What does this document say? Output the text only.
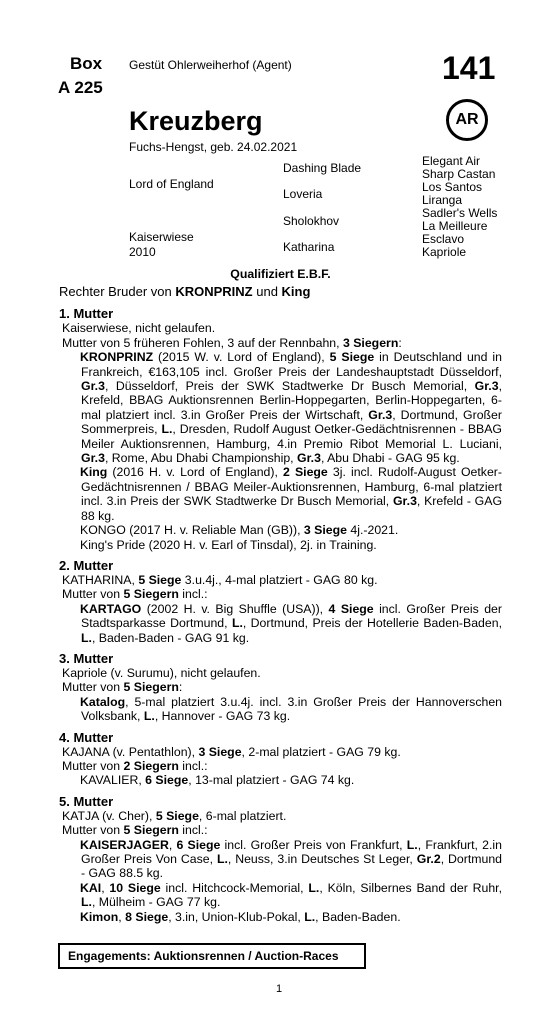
Box
A 225
Gestüt Ohlerweiherhof (Agent)	141
AR
Kreuzberg
Fuchs-Hengst, geb. 24.02.2021
Lord of England
Kaiserwiese
2010
Dashing Blade
Loveria
Sholokhov
Katharina
Elegant Air
Sharp Castan
Los Santos
Liranga
Sadler's Wells
La Meilleure
Esclavo
Kapriole

Qualifiziert E.B.F.

Rechter Bruder von KRONPRINZ und King

1. Mutter

Kaiserwiese, nicht gelaufen.

Mutter von 5 früheren Fohlen, 3 auf der Rennbahn, 3 Siegern:

KRONPRINZ (2015 W. v. Lord of England), 5 Siege in Deutschland und in Frankreich, €163,105 incl. Großer Preis der Landeshauptstadt Düsseldorf, Gr.3, Düsseldorf, Preis der SWK Stadtwerke Dr Busch Memorial, Gr.3, Krefeld, BBAG Auktionsrennen Berlin-Hoppegarten, Berlin-Hoppegarten, 6-mal platziert incl. 3.in Großer Preis der Wirtschaft, Gr.3, Dortmund, Großer Sommerpreis, L., Dresden, Rudolf August Oetker-Gedächtnisrennen - BBAG Meiler Auktionsrennen, Hamburg, 4.in Premio Ribot Memorial L. Luciani, Gr.3, Rome, Abu Dhabi Championship, Gr.3, Abu Dhabi - GAG 95 kg.

King (2016 H. v. Lord of England), 2 Siege 3j. incl. Rudolf-August Oetker-Gedächtnisrennen / BBAG Meiler-Auktionsrennen, Hamburg, 6-mal platziert incl. 3.in Preis der SWK Stadtwerke Dr Busch Memorial, Gr.3, Krefeld - GAG 88 kg.

KONGO (2017 H. v. Reliable Man (GB)), 3 Siege 4j.-2021.

King's Pride (2020 H. v. Earl of Tinsdal), 2j. in Training.

2. Mutter

KATHARINA, 5 Siege 3.u.4j., 4-mal platziert - GAG 80 kg.

Mutter von 5 Siegern incl.:

KARTAGO (2002 H. v. Big Shuffle (USA)), 4 Siege incl. Großer Preis der Stadtsparkasse Dortmund, L., Dortmund, Preis der Hotellerie Baden-Baden, L., Baden-Baden - GAG 91 kg.

3. Mutter

Kapriole (v. Surumu), nicht gelaufen.

Mutter von 5 Siegern:

Katalog, 5-mal platziert 3.u.4j. incl. 3.in Großer Preis der Hannoverschen Volksbank, L., Hannover - GAG 73 kg.

4. Mutter

KAJANA (v. Pentathlon), 3 Siege, 2-mal platziert - GAG 79 kg.

Mutter von 2 Siegern incl.:

KAVALIER, 6 Siege, 13-mal platziert - GAG 74 kg.

5. Mutter

KATJA (v. Cher), 5 Siege, 6-mal platziert.

Mutter von 5 Siegern incl.:

KAISERJAGER, 6 Siege incl. Großer Preis von Frankfurt, L., Frankfurt, 2.in Großer Preis Von Case, L., Neuss, 3.in Deutsches St Leger, Gr.2, Dortmund - GAG 88.5 kg.

KAI, 10 Siege incl. Hitchcock-Memorial, L., Köln, Silbernes Band der Ruhr, L., Mülheim - GAG 77 kg.

Kimon, 8 Siege, 3.in, Union-Klub-Pokal, L., Baden-Baden.

Engagements: Auktionsrennen / Auction-Races
1
